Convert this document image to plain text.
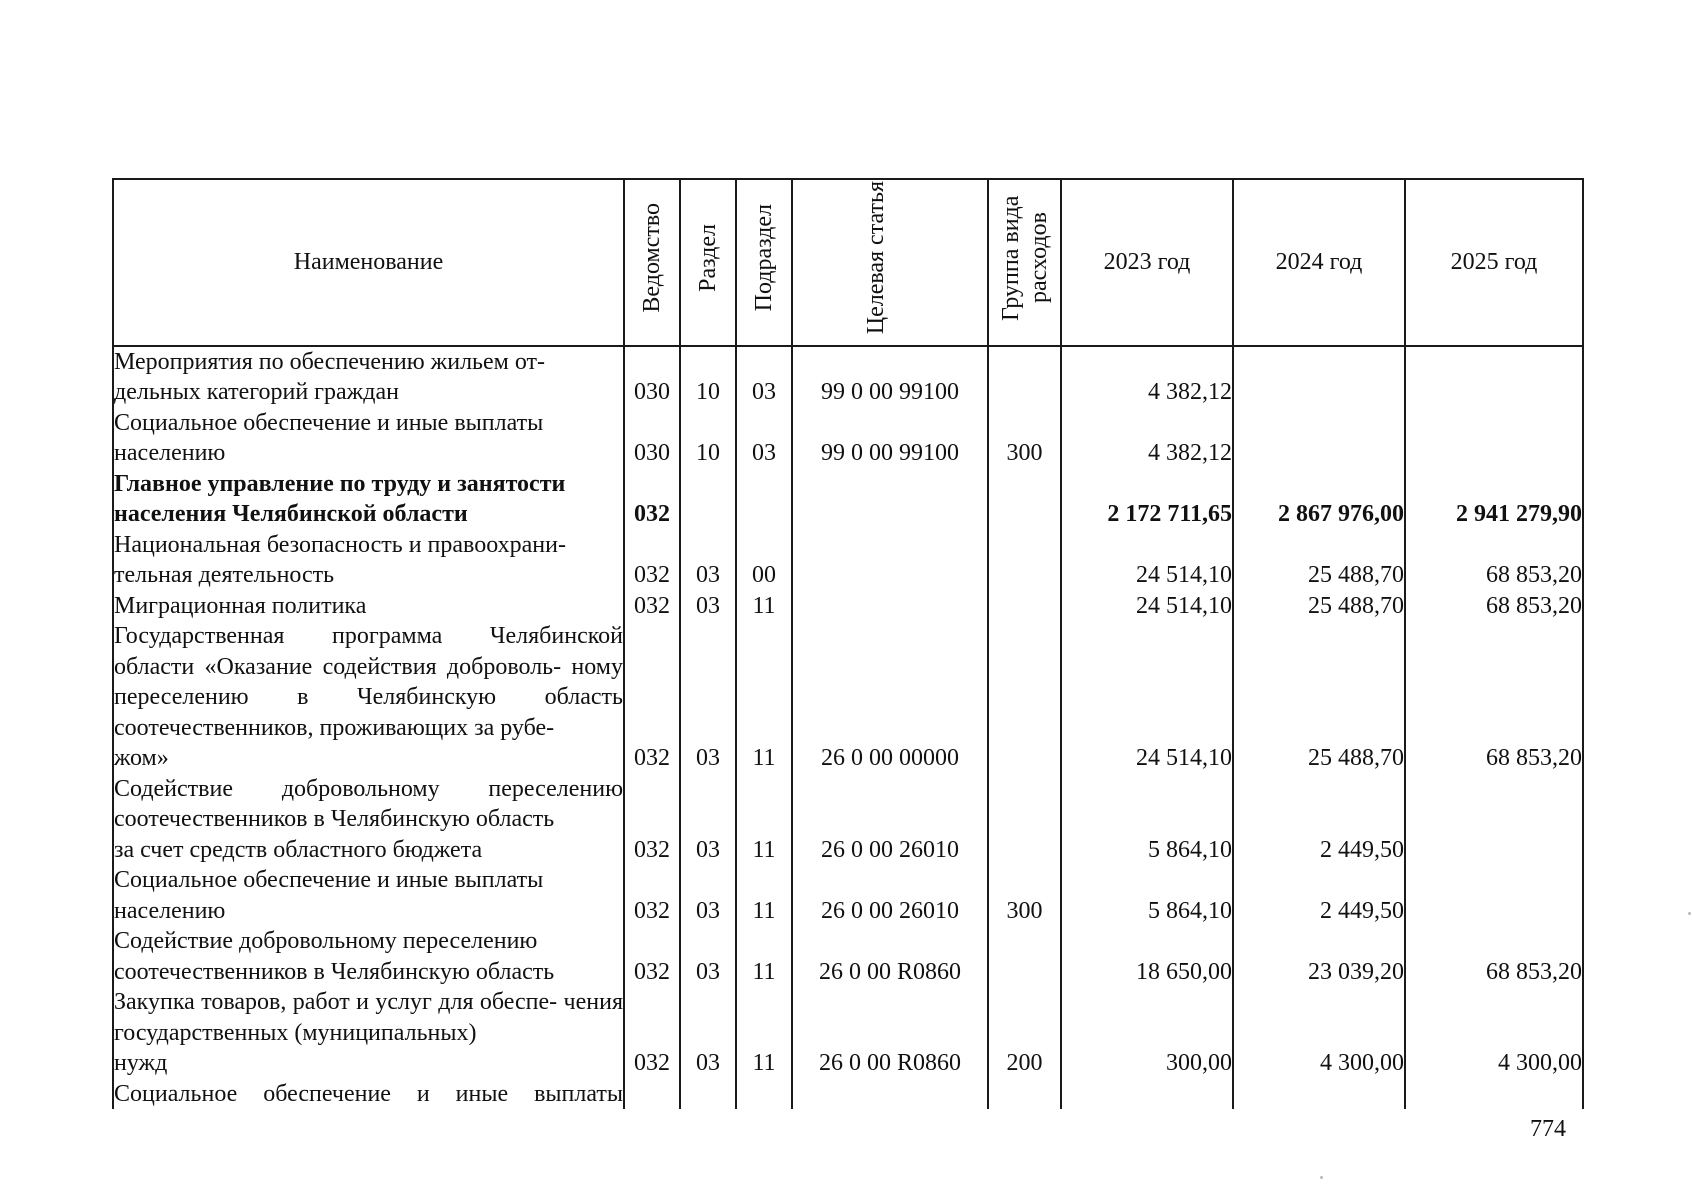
Наименование	Ведомство	Раздел	Подраздел	Целевая статья	Группа вида расходов	2023 год	2024 год	2025 год
Мероприятия по обеспечению жильем от-
дельных категорий граждан	030	10	03	99 0 00 99100		4 382,12		
Социальное обеспечение и иные выплаты
населению	030	10	03	99 0 00 99100	300	4 382,12		
Главное управление по труду и занятости
населения Челябинской области	032					2 172 711,65	2 867 976,00	2 941 279,90
Национальная безопасность и правоохрани-
тельная деятельность	032	03	00			24 514,10	25 488,70	68 853,20

Миграционная политика	032	03	11			24 514,10	25 488,70	68 853,20
Государственная программа Челябинской области «Оказание содействия доброволь- ному переселению в Челябинскую область соотечественников, проживающих за рубе-
жом»	032	03	11	26 0 00 00000		24 514,10	25 488,70	68 853,20
Содействие добровольному переселению соотечественников в Челябинскую область
за счет средств областного бюджета	032	03	11	26 0 00 26010		5 864,10	2 449,50	
Социальное обеспечение и иные выплаты
населению	032	03	11	26 0 00 26010	300	5 864,10	2 449,50	
Содействие добровольному переселению
соотечественников в Челябинскую область	032	03	11	26 0 00 R0860		18 650,00	23 039,20	68 853,20
Закупка товаров, работ и услуг для обеспе- чения государственных (муниципальных)
нужд	032	03	11	26 0 00 R0860	200	300,00	4 300,00	4 300,00
Социальное обеспечение и иные выплаты								
774
